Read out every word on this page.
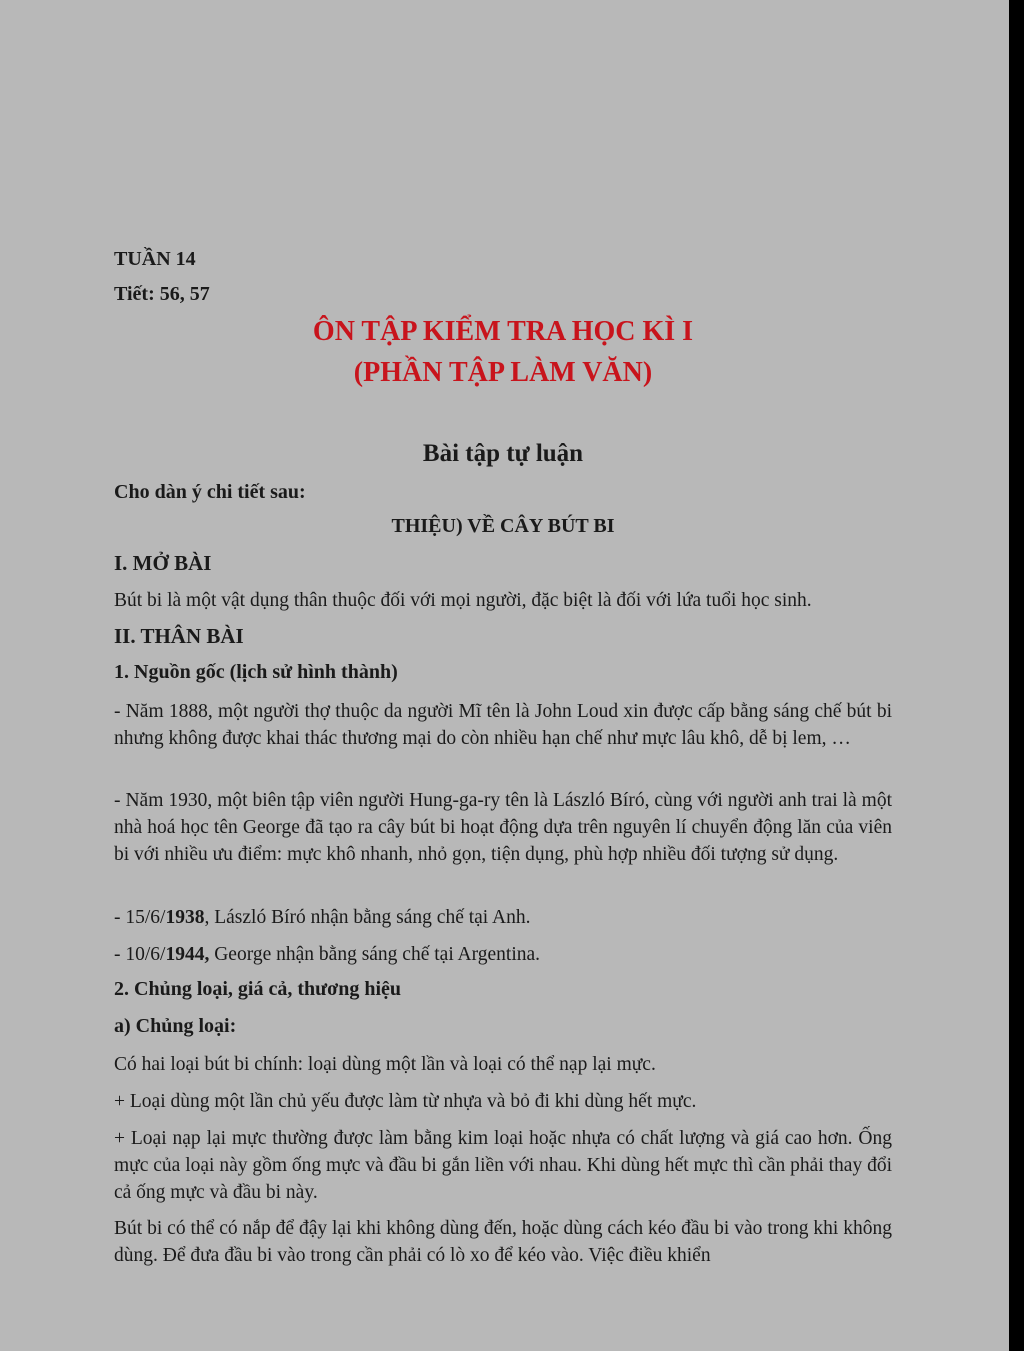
TUẦN 14
Tiết: 56, 57
ÔN TẬP KIỂM TRA HỌC KÌ I
(PHẦN TẬP LÀM VĂN)
Bài tập tự luận
Cho dàn ý chi tiết sau:
THIỆU) VỀ CÂY BÚT BI
I. MỞ BÀI
Bút bi là một vật dụng thân thuộc đối với mọi người, đặc biệt là đối với lứa tuổi học sinh.
II. THÂN BÀI
1. Nguồn gốc (lịch sử hình thành)
- Năm 1888, một người thợ thuộc da người Mĩ tên là John Loud xin được cấp bằng sáng chế bút bi nhưng không được khai thác thương mại do còn nhiều hạn chế như mực lâu khô, dễ bị lem, …
- Năm 1930, một biên tập viên người Hung-ga-ry tên là László Bíró, cùng với người anh trai là một nhà hoá học tên George đã tạo ra cây bút bi hoạt động dựa trên nguyên lí chuyển động lăn của viên bi với nhiều ưu điểm: mực khô nhanh, nhỏ gọn, tiện dụng, phù hợp nhiều đối tượng sử dụng.
- 15/6/1938, László Bíró nhận bằng sáng chế tại Anh.
- 10/6/1944, George nhận bằng sáng chế tại Argentina.
2. Chủng loại, giá cả, thương hiệu
a) Chủng loại:
Có hai loại bút bi chính: loại dùng một lần và loại có thể nạp lại mực.
+ Loại dùng một lần chủ yếu được làm từ nhựa và bỏ đi khi dùng hết mực.
+ Loại nạp lại mực thường được làm bằng kim loại hoặc nhựa có chất lượng và giá cao hơn. Ống mực của loại này gồm ống mực và đầu bi gắn liền với nhau. Khi dùng hết mực thì cần phải thay đổi cả ống mực và đầu bi này.
Bút bi có thể có nắp để đậy lại khi không dùng đến, hoặc dùng cách kéo đầu bi vào trong khi không dùng. Để đưa đầu bi vào trong cần phải có lò xo để kéo vào. Việc điều khiển
